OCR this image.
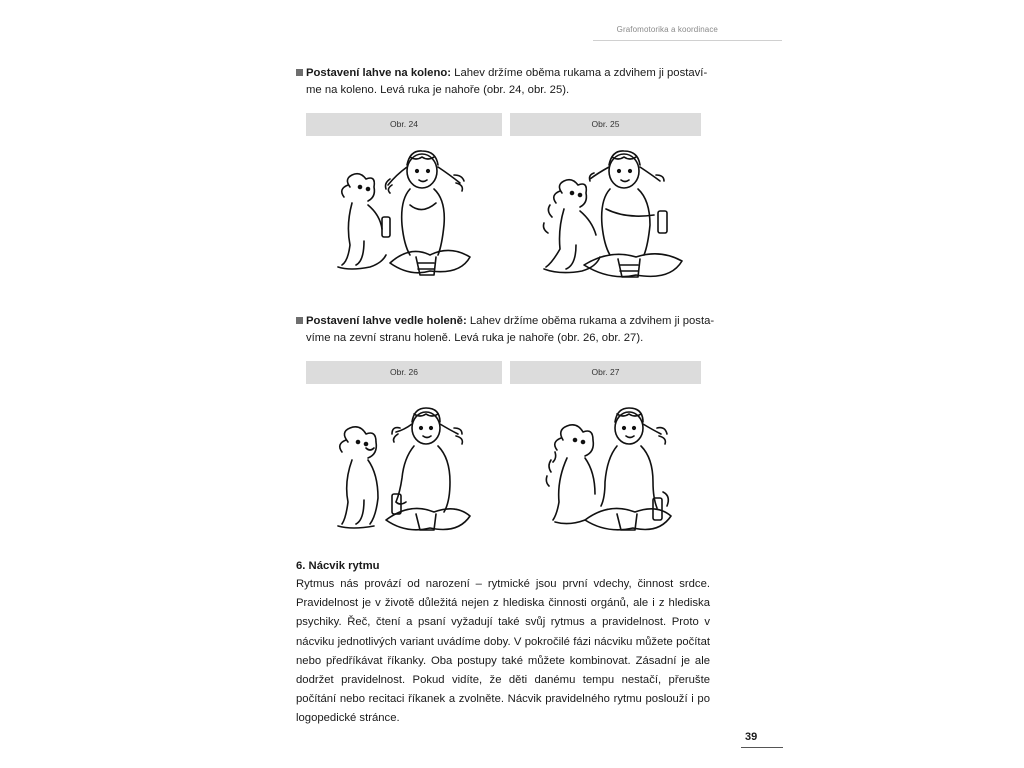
Grafomotorika a koordinace
Postavení lahve na koleno: Lahev držíme oběma rukama a zdvihem ji postaví-
me na koleno. Levá ruka je nahoře (obr. 24, obr. 25).
Obr. 24	Obr. 25
Postavení lahve vedle holeně: Lahev držíme oběma rukama a zdvihem ji posta-
víme na zevní stranu holeně. Levá ruka je nahoře (obr. 26, obr. 27).
Obr. 26	Obr. 27
6. Nácvik rytmu
Rytmus nás provází od narození – rytmické jsou první vdechy, činnost srdce. Pravidelnost je v životě důležitá nejen z hlediska činnosti orgánů, ale i z hlediska psychiky. Řeč, čtení a psaní vyžadují také svůj rytmus a pravidelnost. Proto v nácviku jednotlivých variant uvádíme doby. V pokročilé fázi nácviku můžete počítat nebo předříkávat říkanky. Oba postupy také můžete kombinovat. Zásadní je ale dodržet pravidelnost. Pokud vidíte, že děti danému tempu nestačí, přerušte počítání nebo recitaci říkanek a zvolněte. Nácvik pravidelného rytmu poslouží i po logopedické stránce.
39
